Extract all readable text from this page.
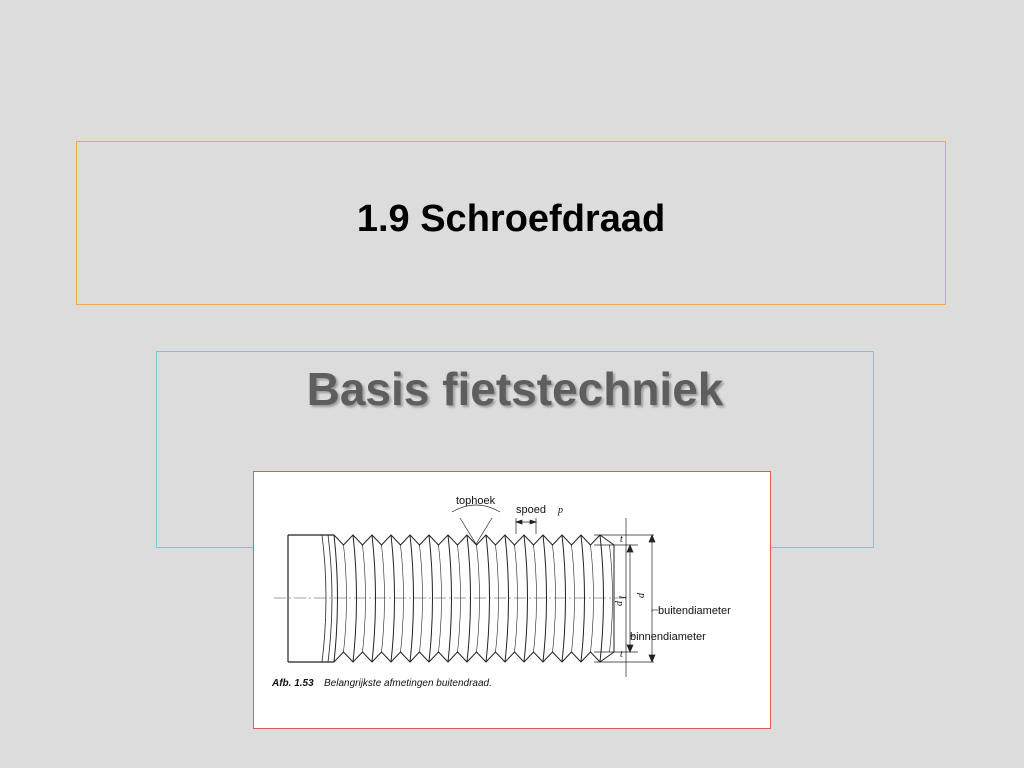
1.9 Schroefdraad
Basis fietstechniek
tophoek
spoed p
buitendiameter
binnendiameter
d
d
1
t
t
Afb. 1.53 Belangrijkste afmetingen buitendraad.
